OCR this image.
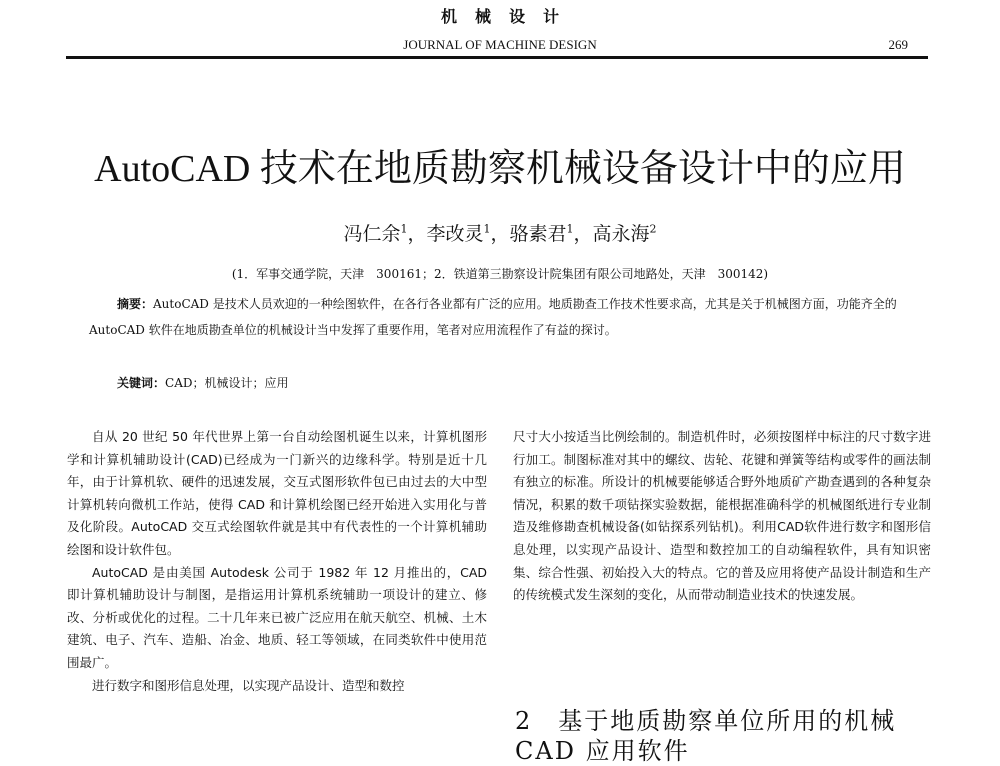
机械设计
JOURNAL OF MACHINE DESIGN	269
AutoCAD 技术在地质勘察机械设备设计中的应用
冯仁余$^1$，李改灵$^1$，骆素君$^1$，高永海$^2$
(1．军事交通学院，天津　300161；2．铁道第三勘察设计院集团有限公司地路处，天津　300142)
摘要：AutoCAD 是技术人员欢迎的一种绘图软件，在各行各业都有广泛的应用。地质勘查工作技术性要求高，尤其是关于机械图方面，功能齐全的 AutoCAD 软件在地质勘查单位的机械设计当中发挥了重要作用，笔者对应用流程作了有益的探讨。
关键词：CAD；机械设计；应用

自从 20 世纪 50 年代世界上第一台自动绘图机诞生以来，计算机图形学和计算机辅助设计(CAD)已经成为一门新兴的边缘科学。特别是近十几年，由于计算机软、硬件的迅速发展，交互式图形软件包已由过去的大中型计算机转向微机工作站，使得 CAD 和计算机绘图已经开始进入实用化与普及化阶段。AutoCAD 交互式绘图软件就是其中有代表性的一个计算机辅助绘图和设计软件包。

AutoCAD 是由美国 Autodesk 公司于 1982 年 12 月推出的，CAD 即计算机辅助设计与制图，是指运用计算机系统辅助一项设计的建立、修改、分析或优化的过程。二十几年来已被广泛应用在航天航空、机械、土木建筑、电子、汽车、造船、冶金、地质、轻工等领域，在同类软件中使用范围最广。

进行数字和图形信息处理，以实现产品设计、造型和数控

尺寸大小按适当比例绘制的。制造机件时，必须按图样中标注的尺寸数字进行加工。制图标准对其中的螺纹、齿轮、花键和弹簧等结构或零件的画法制有独立的标准。所设计的机械要能够适合野外地质矿产勘查遇到的各种复杂情况，积累的数千项钻探实验数据，能根据准确科学的机械图纸进行专业制造及维修勘查机械设备(如钻探系列钻机)。利用CAD软件进行数字和图形信息处理，以实现产品设计、造型和数控加工的自动编程软件，具有知识密集、综合性强、初始投入大的特点。它的普及应用将使产品设计制造和生产的传统模式发生深刻的变化，从而带动制造业技术的快速发展。

2　基于地质勘察单位所用的机械 CAD 应用软件
